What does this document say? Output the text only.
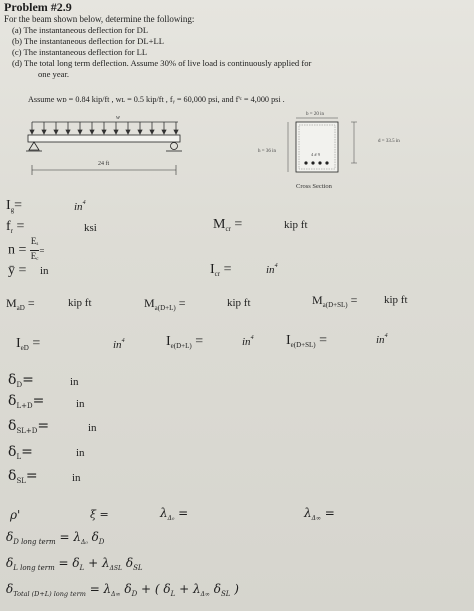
Problem #2.9
For the beam shown below, determine the following:
(a) The instantaneous deflection for DL
(b) The instantaneous deflection for DL+LL
(c) The instantaneous deflection for LL
(d) The total long term deflection. Assume 30% of live load is continuously applied for
one year.
Assume wᴅ = 0.84 kip/ft , wʟ = 0.5 kip/ft , fᵧ = 60,000 psi, and f'ᶜ = 4,000 psi .
w
24 ft
b = 20 in
h = 36 in
4 # 9
d = 33.5 in
Cross Section
$I_g=$	$in^4$
$f_r$ =	ksi	$M_{cr}$ =	kip ft
$n = \frac{E_s}{E_c}$ =
ȳ = in	$I_{cr}$ =	$in^4$
$M_{aD}$ =	kip ft	$M_{a(D+L)}$ =	kip ft	$M_{a(D+SL)}$ = kip ft
$I_{eD}$ =	$in^4$	$I_{e(D+L)}$ =	$in^4$ $I_{e(D+SL)}$ =	$in^4$
$\delta_D=$	in
$\delta_{L+D}=$	in
$\delta_{SL+D}=$	in
$\delta_L=$	in
$\delta_{SL}=$	in
ρ'	ξ =	$\lambda_{\Delta_0}$ =	$\lambda_{\Delta\infty}$ =
$\delta_{D long term} = \lambda_{\Delta_0}$ $\delta_D$
$\delta_{L long term} = \delta_L + \lambda_{\Delta SL}$ $\delta_{SL}$
$\delta_{Total (D+L) long term} = \lambda_{\Delta\infty}$ $\delta_D$ + ( $\delta_L + \lambda_{\Delta\infty}$ $\delta_{SL}$ )
